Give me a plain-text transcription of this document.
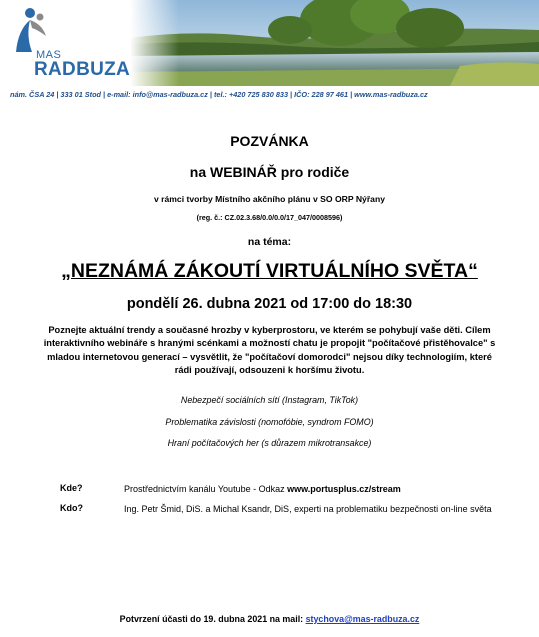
MAS
RADBUZA
nám. ČSA 24 | 333 01 Stod | e-mail: info@mas-radbuza.cz | tel.: +420 725 830 833 | IČO: 228 97 461 | www.mas-radbuza.cz
POZVÁNKA
na WEBINÁŘ pro rodiče
v rámci tvorby Místního akčního plánu v SO ORP Nýřany
(reg. č.: CZ.02.3.68/0.0/0.0/17_047/0008596)
na téma:
„NEZNÁMÁ ZÁKOUTÍ VIRTUÁLNÍHO SVĚTA“
pondělí 26. dubna 2021 od 17:00 do 18:30
Poznejte aktuální trendy a současné hrozby v kyberprostoru, ve kterém se pohybují vaše děti. Cílem interaktivního webináře s hranými scénkami a možností chatu je propojit "počítačové přistěhovalce" s mladou internetovou generací – vysvětlit, že "počítačoví domorodci" nejsou díky technologiím, které rádi používají, odsouzeni k horšímu životu.
Nebezpečí sociálních sítí (Instagram, TikTok)
Problematika závislosti (nomofóbie, syndrom FOMO)
Hraní počítačových her (s důrazem mikrotransakce)
Kde?	Prostřednictvím kanálu Youtube - Odkaz www.portusplus.cz/stream
Kdo?	Ing. Petr Šmid, DiS. a Michal Ksandr, DiS, experti na problematiku bezpečnosti on-line světa
Potvrzení účasti do 19. dubna 2021 na mail: stychova@mas-radbuza.cz
